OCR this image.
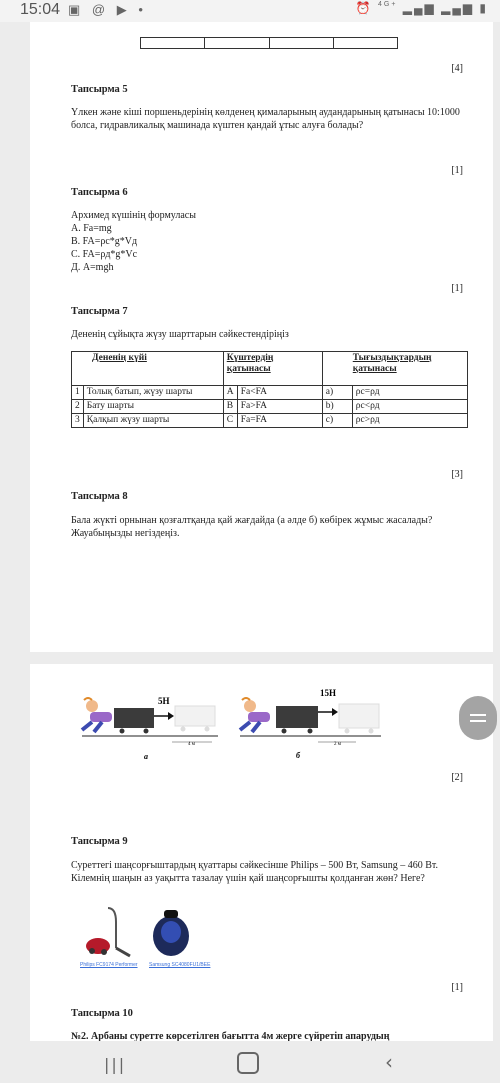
15:04 ▣ @ ▶ •	⏰ $^{4G+}$ ▂▄▆ ▂▄▆ ▮
[4]
Тапсырма 5
Үлкен және кіші поршеньдерінің көлденең қималарының аудандарының қатынасы 10:1000 болса, гидравликалық машинада күштен қандай ұтыс алуға болады?
[1]
Тапсырма 6
Архимед күшінің формуласы
A. Fa=mg
B. FA=ρс*g*Vд
C. FA=ρд*g*Vс
Д. A=mgh
[1]
Тапсырма 7
Дененің сұйықта жүзу шарттарын сәйкестендіріңіз
Дененің күйі		Күштердің қатынасы		Тығыздықтардың қатынасы	
1	Толық батып, жүзу шарты	A	Fa<FA	a)	ρс=ρд
2	Бату шарты	B	Fa>FA	b)	ρс<ρд
3	Қалқып жүзу шарты	C	Fa=FA	c)	ρс>ρд
[3]
Тапсырма 8
Бала жүкті орнынан қозғалтқанда қай жағдайда (а әлде б) көбірек жұмыс жасалады? Жауабыңызды негіздеңіз.
5Н
4 м
а
15Н
2 м
б
[2]
Тапсырма 9
Суреттегі шаңсорғыштардың қуаттары сәйкесінше Philips – 500 Вт, Samsung – 460 Вт. Кілемнің шаңын аз уақытта тазалау үшін қай шаңсорғышты қолданған жөн? Неге?
Philips FC9174 Performer Samsung SC4080FU1/BEE
[1]
Тапсырма 10
№2. Арбаны суретте көрсетілген бағытта 4м жерге сүйретіп апарудың
|||	‹
